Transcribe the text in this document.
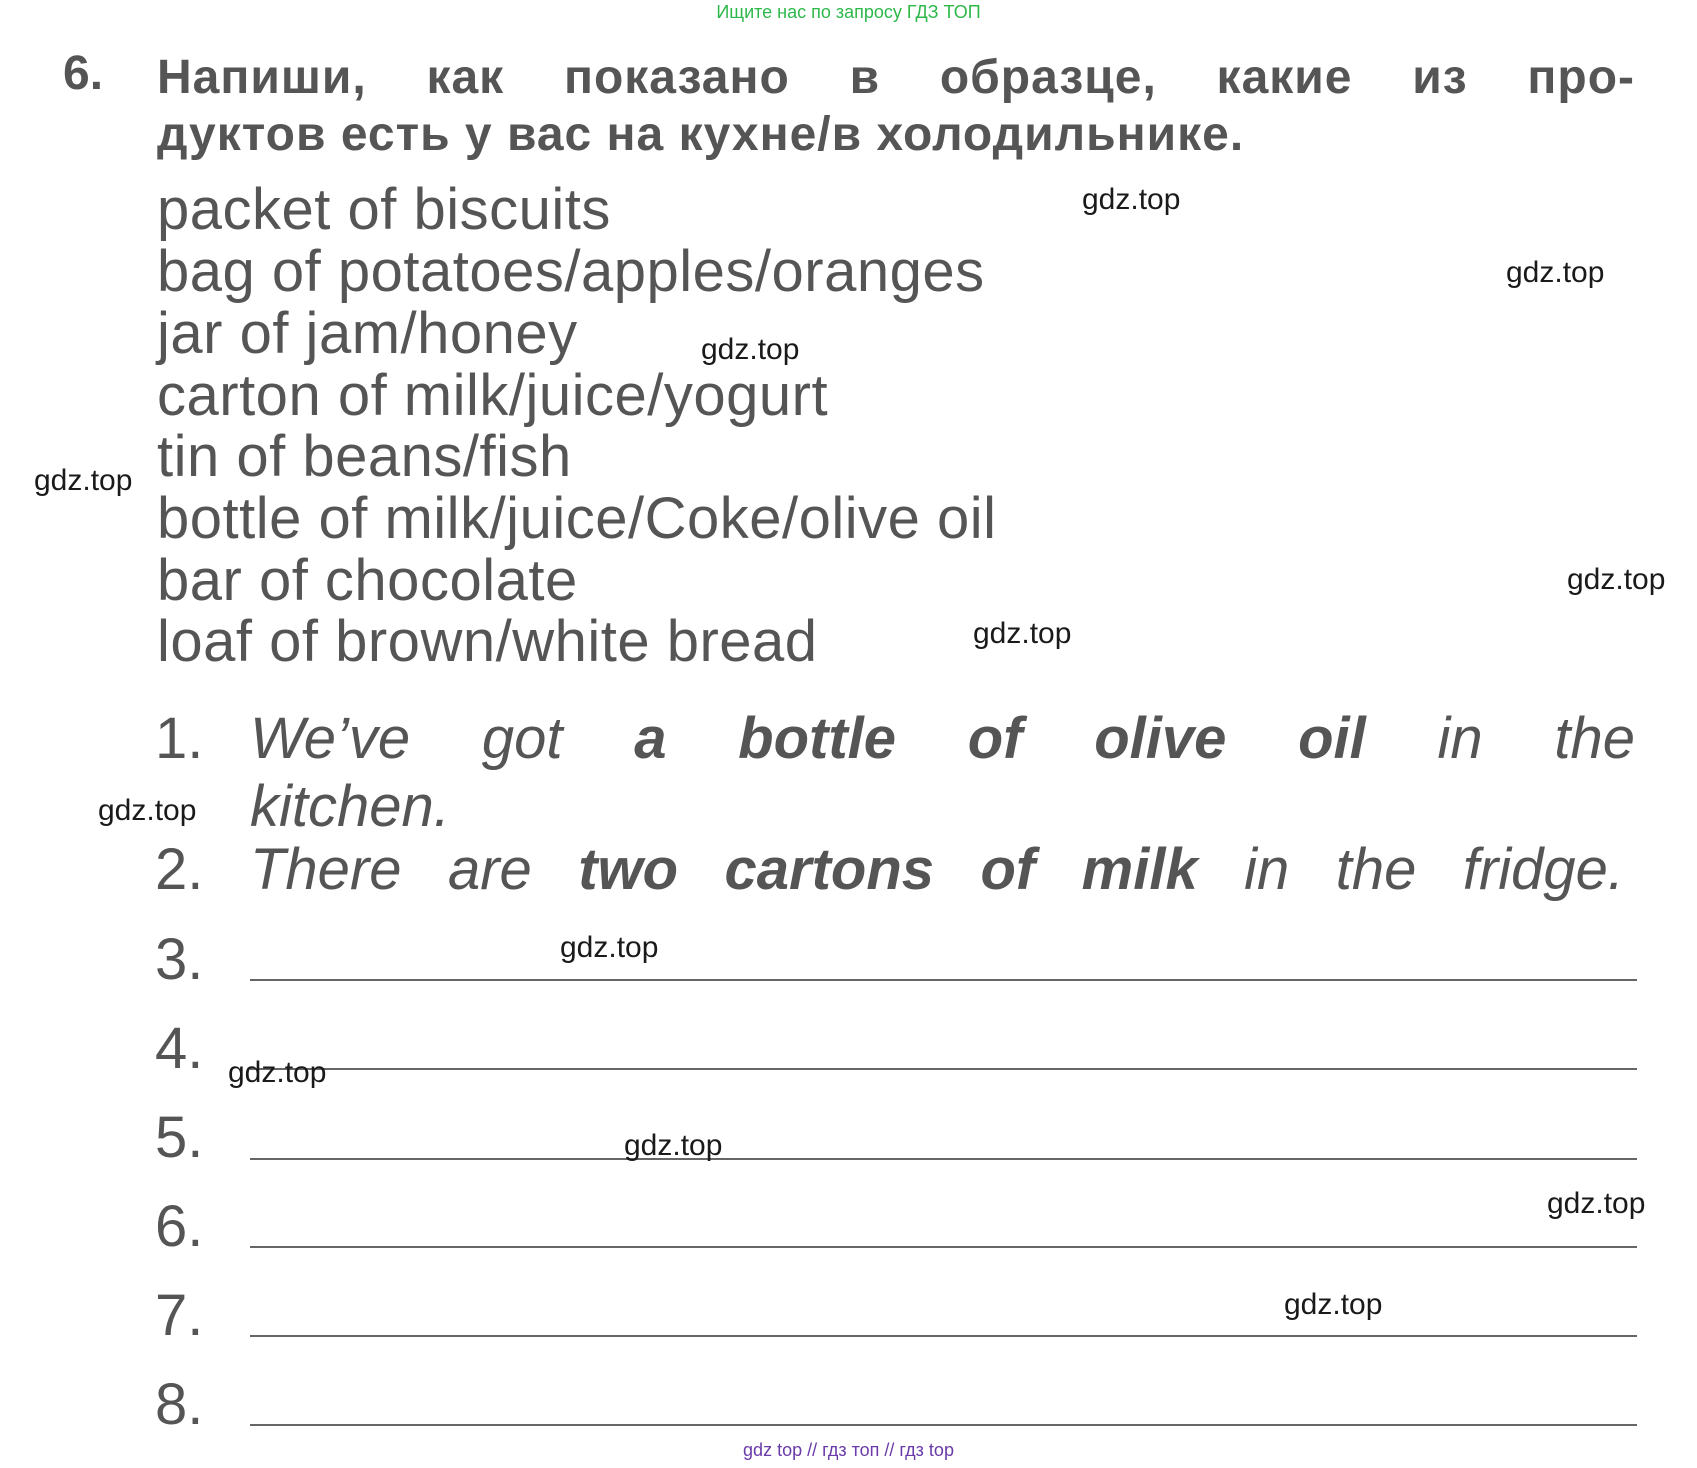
Ищите нас по запросу ГДЗ ТОП
6. Напиши, как показано в образце, какие из про-
дуктов есть у вас на кухне/в холодильнике.
packet of biscuits
bag of potatoes/apples/oranges
jar of jam/honey
carton of milk/juice/yogurt
tin of beans/fish
bottle of milk/juice/Coke/olive oil
bar of chocolate
loaf of brown/white bread
1. We’ve got a bottle of olive oil in the
kitchen.
2. There are two cartons of milk in the fridge.
3.
4.
5.
6.
7.
8.
gdz.top
gdz.top
gdz.top
gdz.top
gdz.top
gdz.top
gdz.top
gdz.top
gdz.top
gdz.top
gdz.top
gdz.top
gdz top // гдз топ // гдз top
